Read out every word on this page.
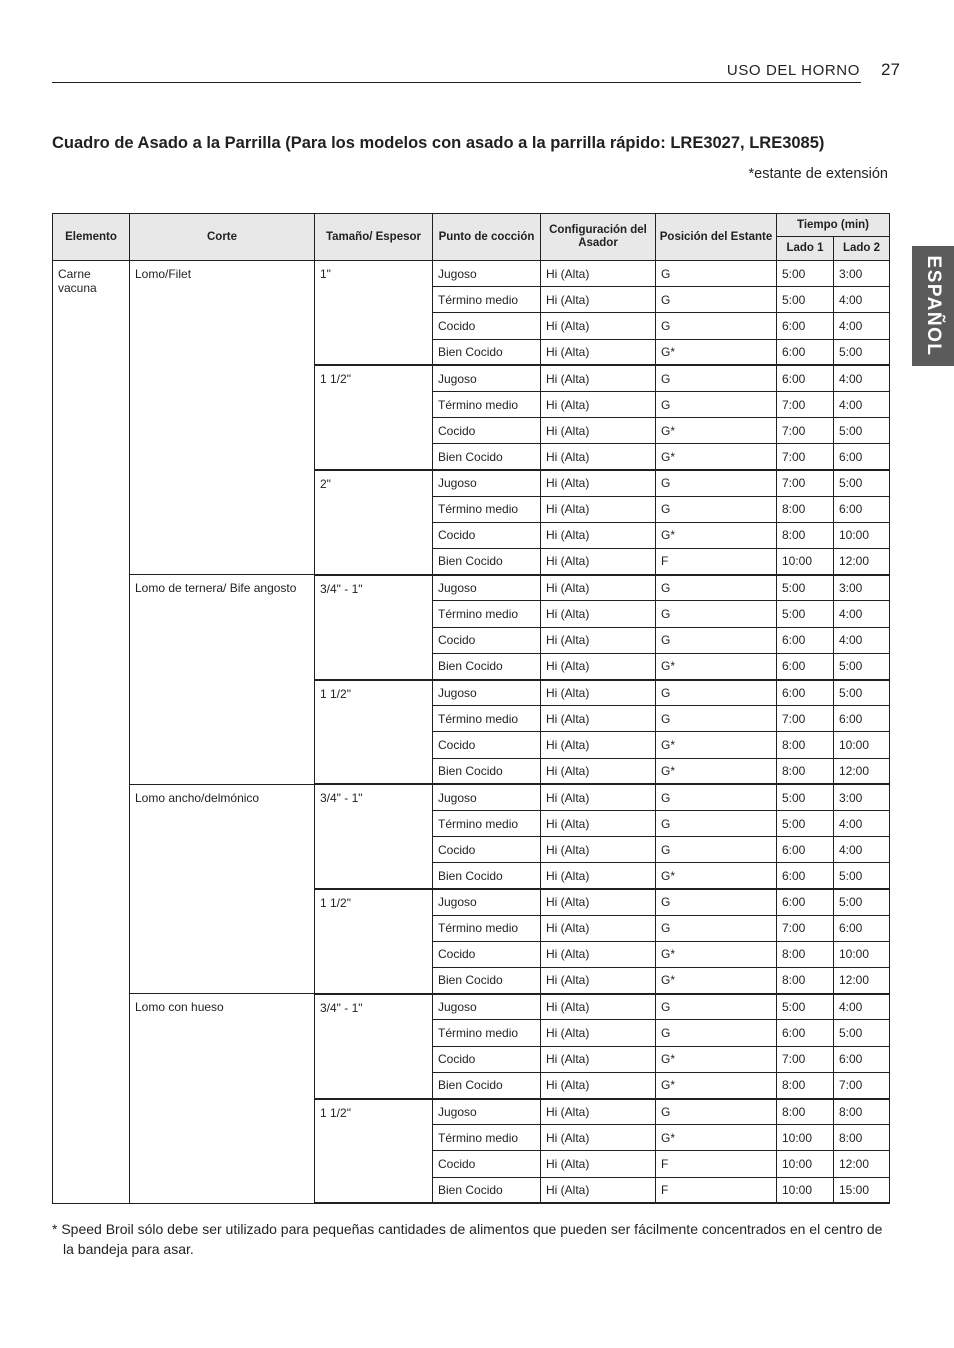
USO DEL HORNO 27
ESPAÑOL
Cuadro de Asado a la Parrilla (Para los modelos con asado a la parrilla rápido: LRE3027, LRE3085)
*estante de extensión
Elemento	Corte	Tamaño/ Espesor	Punto de cocción	Configuración del Asador	Posición del Estante	Tiempo (min)	
						Lado 1	Lado 2
Carne vacuna	Lomo/Filet	1"	Jugoso	Hi (Alta)	G	5:00	3:00
			Término medio	Hi (Alta)	G	5:00	4:00
			Cocido	Hi (Alta)	G	6:00	4:00
			Bien Cocido	Hi (Alta)	G*	6:00	5:00
		1 1/2"	Jugoso	Hi (Alta)	G	6:00	4:00
			Término medio	Hi (Alta)	G	7:00	4:00
			Cocido	Hi (Alta)	G*	7:00	5:00
			Bien Cocido	Hi (Alta)	G*	7:00	6:00
		2"	Jugoso	Hi (Alta)	G	7:00	5:00
			Término medio	Hi (Alta)	G	8:00	6:00
			Cocido	Hi (Alta)	G*	8:00	10:00
			Bien Cocido	Hi (Alta)	F	10:00	12:00
	Lomo de ternera/ Bife angosto	3/4" - 1"	Jugoso	Hi (Alta)	G	5:00	3:00
			Término medio	Hi (Alta)	G	5:00	4:00
			Cocido	Hi (Alta)	G	6:00	4:00
			Bien Cocido	Hi (Alta)	G*	6:00	5:00
		1 1/2"	Jugoso	Hi (Alta)	G	6:00	5:00
			Término medio	Hi (Alta)	G	7:00	6:00
			Cocido	Hi (Alta)	G*	8:00	10:00
			Bien Cocido	Hi (Alta)	G*	8:00	12:00
	Lomo ancho/delmónico	3/4" - 1"	Jugoso	Hi (Alta)	G	5:00	3:00
			Término medio	Hi (Alta)	G	5:00	4:00
			Cocido	Hi (Alta)	G	6:00	4:00
			Bien Cocido	Hi (Alta)	G*	6:00	5:00
		1 1/2"	Jugoso	Hi (Alta)	G	6:00	5:00
			Término medio	Hi (Alta)	G	7:00	6:00
			Cocido	Hi (Alta)	G*	8:00	10:00
			Bien Cocido	Hi (Alta)	G*	8:00	12:00
	Lomo con hueso	3/4" - 1"	Jugoso	Hi (Alta)	G	5:00	4:00
			Término medio	Hi (Alta)	G	6:00	5:00
			Cocido	Hi (Alta)	G*	7:00	6:00
			Bien Cocido	Hi (Alta)	G*	8:00	7:00
		1 1/2"	Jugoso	Hi (Alta)	G	8:00	8:00
			Término medio	Hi (Alta)	G*	10:00	8:00
			Cocido	Hi (Alta)	F	10:00	12:00
			Bien Cocido	Hi (Alta)	F	10:00	15:00

* Speed Broil sólo debe ser utilizado para pequeñas cantidades de alimentos que pueden ser fácilmente concentrados en el centro de la bandeja para asar.
